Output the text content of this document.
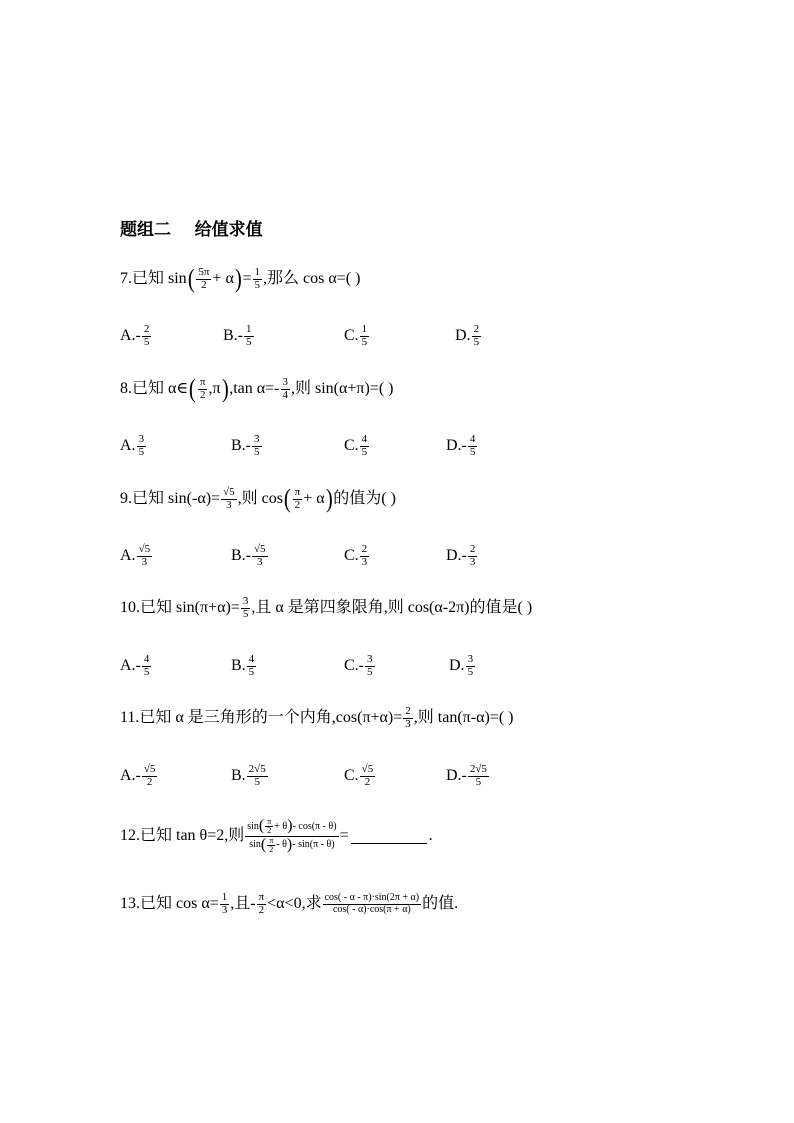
题组二    给值求值
7.已知 sin ( $\frac{5\pi}{2} + \alpha$ ) = $\frac{1}{5}$ ,那么 cos α=( )
$A.- \frac{2}{5}$	$B.- \frac{1}{5}$	C. $\frac{1}{5}$	D. $\frac{2}{5}$
8.已知 α∈ ( $\frac{\pi}{2} ,\pi$ ) ,tan $\alpha=- \frac{3}{4}$ ,则 sin(α+π)=( )
A. $\frac{3}{5}$	$B.- \frac{3}{5}$	C. $\frac{4}{5}$	$D.- \frac{4}{5}$
9.已知 $\sin(-\alpha)= \frac{√5}{3}$ ,则 cos ( $\frac{\pi}{2} + \alpha$ ) 的值为( )
A. $\frac{√5}{3}$	$B.- \frac{√5}{3}$	C. $\frac{2}{3}$	$D.- \frac{2}{3}$
10.已知 $\sin(\pi+\alpha)= \frac{3}{5}$ ,且 α 是第四象限角,则 cos(α-2π)的值是( )
$A.- \frac{4}{5}$	B. $\frac{4}{5}$	$C.- \frac{3}{5}$	D. $\frac{3}{5}$
11.已知 α 是三角形的一个内角$,\cos(\pi+\alpha)= \frac{2}{3}$ ,则 tan(π-α)=( )
$A.- \frac{√5}{2}$	B. $\frac{2√5}{5}$	C. $\frac{√5}{2}$	$D.- \frac{2√5}{5}$
12.已知 tan θ=2,则 $\frac{\sin ( \frac{\pi}{2} + \theta ) - \cos(\pi - \theta)}{\sin ( \frac{\pi}{2} - \theta ) - \sin(\pi - \theta)}$ =	.
13.已知 $\cos \alpha= \frac{1}{3}$ ,且- $\frac{\pi}{2} <\alpha<0$,求 $\frac{\cos( - \alpha - \pi)\cdot\sin(2\pi + \alpha)}{\cos( - \alpha)\cdot\cos(\pi + \alpha)}$ 的值.
